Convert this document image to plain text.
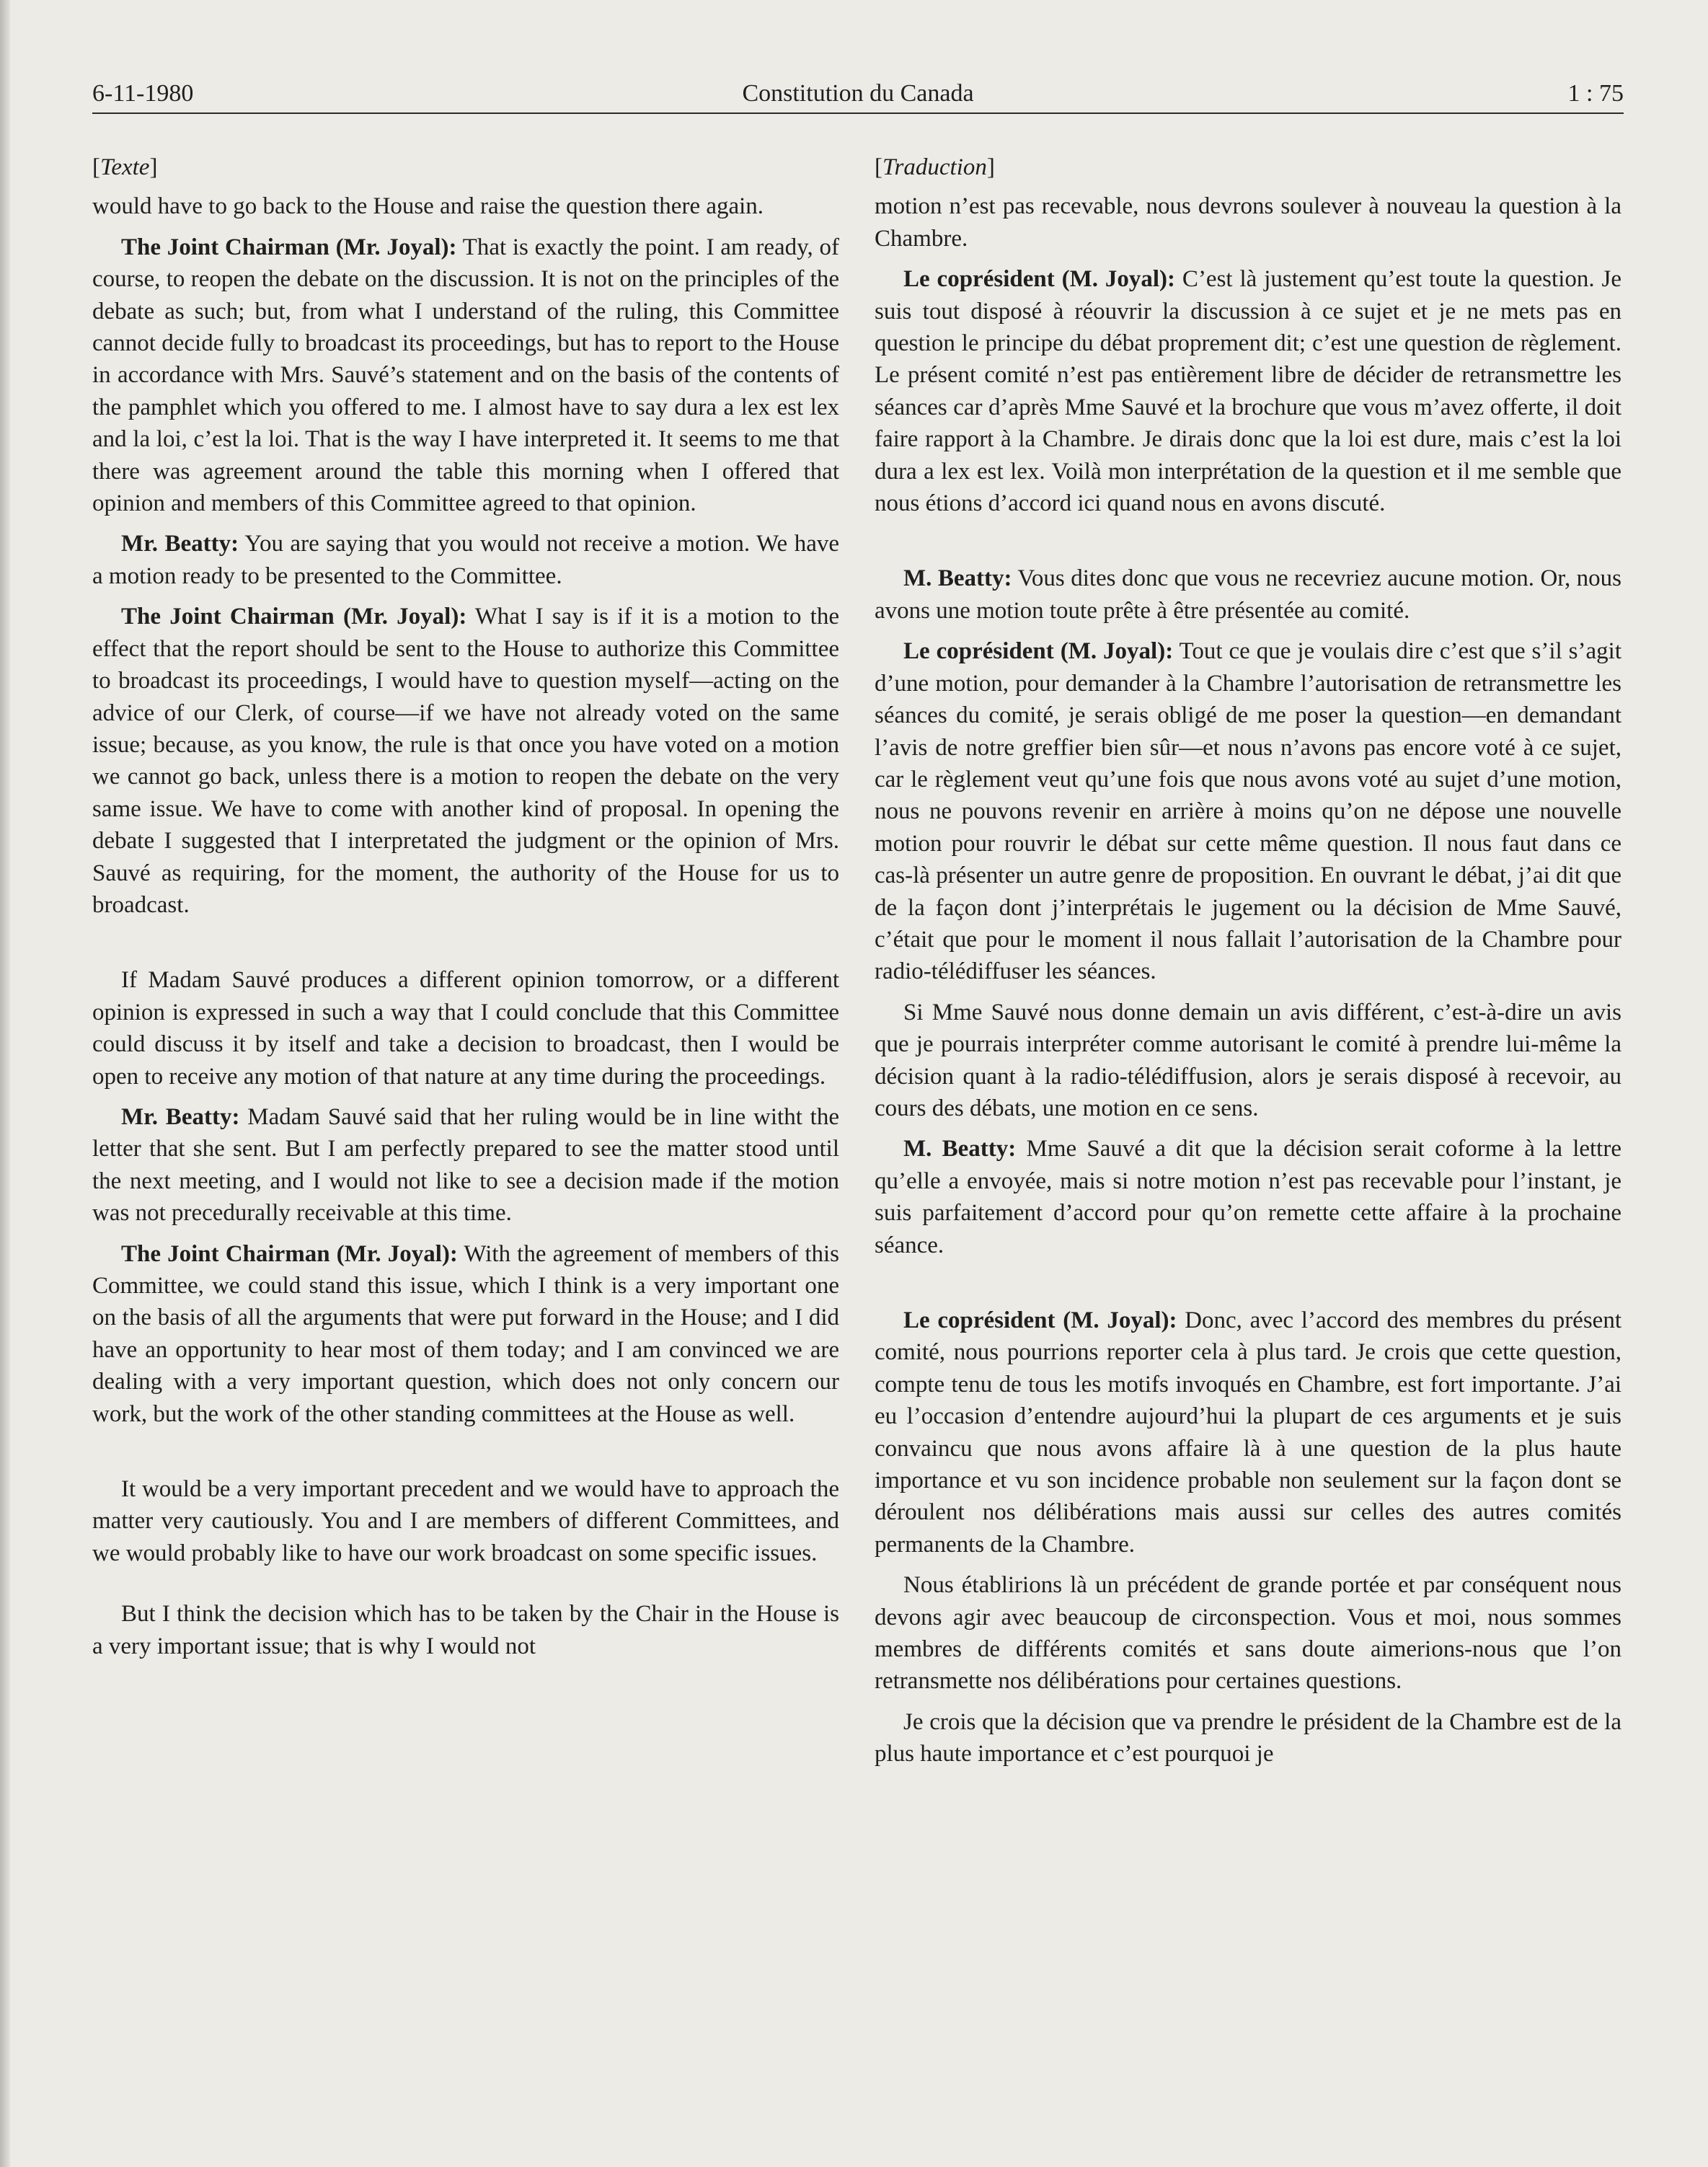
6-11-1980	Constitution du Canada	1 : 75

[Texte]

would have to go back to the House and raise the question there again.

The Joint Chairman (Mr. Joyal): That is exactly the point. I am ready, of course, to reopen the debate on the discussion. It is not on the principles of the debate as such; but, from what I understand of the ruling, this Committee cannot decide fully to broadcast its proceedings, but has to report to the House in accordance with Mrs. Sauvé’s statement and on the basis of the contents of the pamphlet which you offered to me. I almost have to say dura a lex est lex and la loi, c’est la loi. That is the way I have interpreted it. It seems to me that there was agreement around the table this morning when I offered that opinion and members of this Committee agreed to that opinion.

Mr. Beatty: You are saying that you would not receive a motion. We have a motion ready to be presented to the Committee.

The Joint Chairman (Mr. Joyal): What I say is if it is a motion to the effect that the report should be sent to the House to authorize this Committee to broadcast its proceedings, I would have to question myself—acting on the advice of our Clerk, of course—if we have not already voted on the same issue; because, as you know, the rule is that once you have voted on a motion we cannot go back, unless there is a motion to reopen the debate on the very same issue. We have to come with another kind of proposal. In opening the debate I suggested that I interpretated the judgment or the opinion of Mrs. Sauvé as requiring, for the moment, the authority of the House for us to broadcast.

If Madam Sauvé produces a different opinion tomorrow, or a different opinion is expressed in such a way that I could conclude that this Committee could discuss it by itself and take a decision to broadcast, then I would be open to receive any motion of that nature at any time during the proceedings.

Mr. Beatty: Madam Sauvé said that her ruling would be in line witht the letter that she sent. But I am perfectly prepared to see the matter stood until the next meeting, and I would not like to see a decision made if the motion was not precedurally receivable at this time.

The Joint Chairman (Mr. Joyal): With the agreement of members of this Committee, we could stand this issue, which I think is a very important one on the basis of all the arguments that were put forward in the House; and I did have an opportunity to hear most of them today; and I am convinced we are dealing with a very important question, which does not only concern our work, but the work of the other standing committees at the House as well.

It would be a very important precedent and we would have to approach the matter very cautiously. You and I are members of different Committees, and we would probably like to have our work broadcast on some specific issues.

But I think the decision which has to be taken by the Chair in the House is a very important issue; that is why I would not

[Traduction]

motion n’est pas recevable, nous devrons soulever à nouveau la question à la Chambre.

Le coprésident (M. Joyal): C’est là justement qu’est toute la question. Je suis tout disposé à réouvrir la discussion à ce sujet et je ne mets pas en question le principe du débat proprement dit; c’est une question de règlement. Le présent comité n’est pas entièrement libre de décider de retransmettre les séances car d’après Mme Sauvé et la brochure que vous m’avez offerte, il doit faire rapport à la Chambre. Je dirais donc que la loi est dure, mais c’est la loi dura a lex est lex. Voilà mon interprétation de la question et il me semble que nous étions d’accord ici quand nous en avons discuté.

M. Beatty: Vous dites donc que vous ne recevriez aucune motion. Or, nous avons une motion toute prête à être présentée au comité.

Le coprésident (M. Joyal): Tout ce que je voulais dire c’est que s’il s’agit d’une motion, pour demander à la Chambre l’autorisation de retransmettre les séances du comité, je serais obligé de me poser la question—en demandant l’avis de notre greffier bien sûr—et nous n’avons pas encore voté à ce sujet, car le règlement veut qu’une fois que nous avons voté au sujet d’une motion, nous ne pouvons revenir en arrière à moins qu’on ne dépose une nouvelle motion pour rouvrir le débat sur cette même question. Il nous faut dans ce cas-là présenter un autre genre de proposition. En ouvrant le débat, j’ai dit que de la façon dont j’interprétais le jugement ou la décision de Mme Sauvé, c’était que pour le moment il nous fallait l’autorisation de la Chambre pour radio-télédiffuser les séances.

Si Mme Sauvé nous donne demain un avis différent, c’est-à-dire un avis que je pourrais interpréter comme autorisant le comité à prendre lui-même la décision quant à la radio-télédiffusion, alors je serais disposé à recevoir, au cours des débats, une motion en ce sens.

M. Beatty: Mme Sauvé a dit que la décision serait coforme à la lettre qu’elle a envoyée, mais si notre motion n’est pas recevable pour l’instant, je suis parfaitement d’accord pour qu’on remette cette affaire à la prochaine séance.

Le coprésident (M. Joyal): Donc, avec l’accord des membres du présent comité, nous pourrions reporter cela à plus tard. Je crois que cette question, compte tenu de tous les motifs invoqués en Chambre, est fort importante. J’ai eu l’occasion d’entendre aujourd’hui la plupart de ces arguments et je suis convaincu que nous avons affaire là à une question de la plus haute importance et vu son incidence probable non seulement sur la façon dont se déroulent nos délibérations mais aussi sur celles des autres comités permanents de la Chambre.

Nous établirions là un précédent de grande portée et par conséquent nous devons agir avec beaucoup de circonspection. Vous et moi, nous sommes membres de différents comités et sans doute aimerions-nous que l’on retransmette nos délibérations pour certaines questions.

Je crois que la décision que va prendre le président de la Chambre est de la plus haute importance et c’est pourquoi je
